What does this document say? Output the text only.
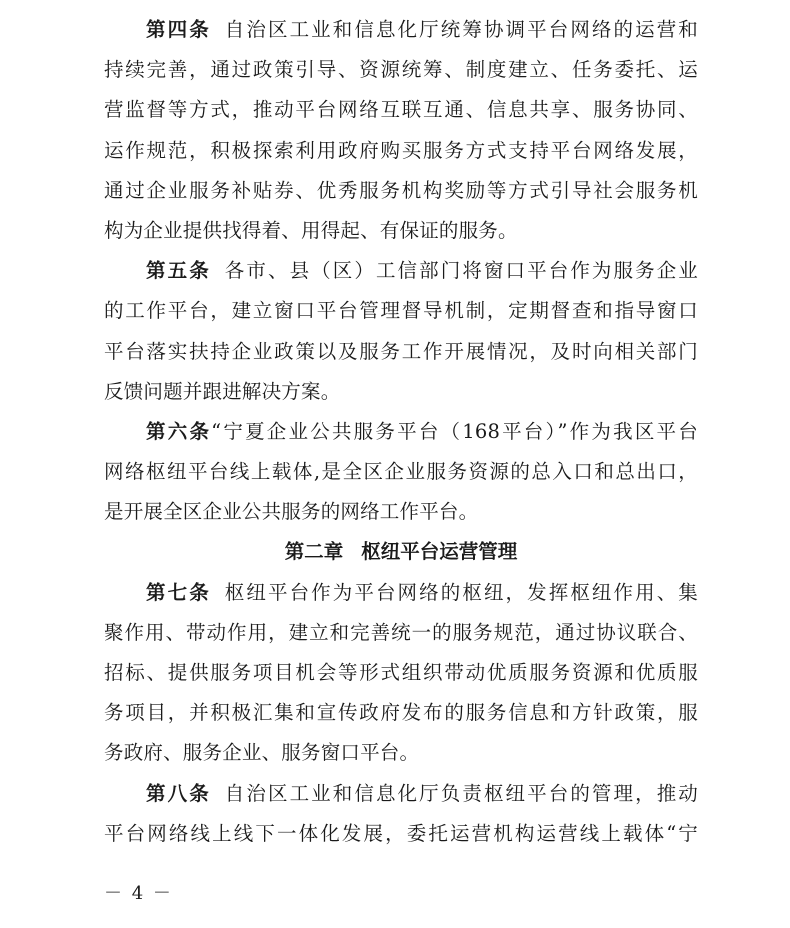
第四条 自治区工业和信息化厅统筹协调平台网络的运营和
持续完善，通过政策引导、资源统筹、制度建立、任务委托、运
营监督等方式，推动平台网络互联互通、信息共享、服务协同、
运作规范，积极探索利用政府购买服务方式支持平台网络发展，
通过企业服务补贴券、优秀服务机构奖励等方式引导社会服务机
构为企业提供找得着、用得起、有保证的服务。
第五条 各市、县（区）工信部门将窗口平台作为服务企业
的工作平台，建立窗口平台管理督导机制，定期督查和指导窗口
平台落实扶持企业政策以及服务工作开展情况，及时向相关部门
反馈问题并跟进解决方案。
第六条“宁夏企业公共服务平台（168平台）”作为我区平台
网络枢纽平台线上载体,是全区企业服务资源的总入口和总出口，
是开展全区企业公共服务的网络工作平台。
第二章 枢纽平台运营管理
第七条 枢纽平台作为平台网络的枢纽，发挥枢纽作用、集
聚作用、带动作用，建立和完善统一的服务规范，通过协议联合、
招标、提供服务项目机会等形式组织带动优质服务资源和优质服
务项目，并积极汇集和宣传政府发布的服务信息和方针政策，服
务政府、服务企业、服务窗口平台。
第八条 自治区工业和信息化厅负责枢纽平台的管理，推动
平台网络线上线下一体化发展，委托运营机构运营线上载体“宁
－ 4 －
